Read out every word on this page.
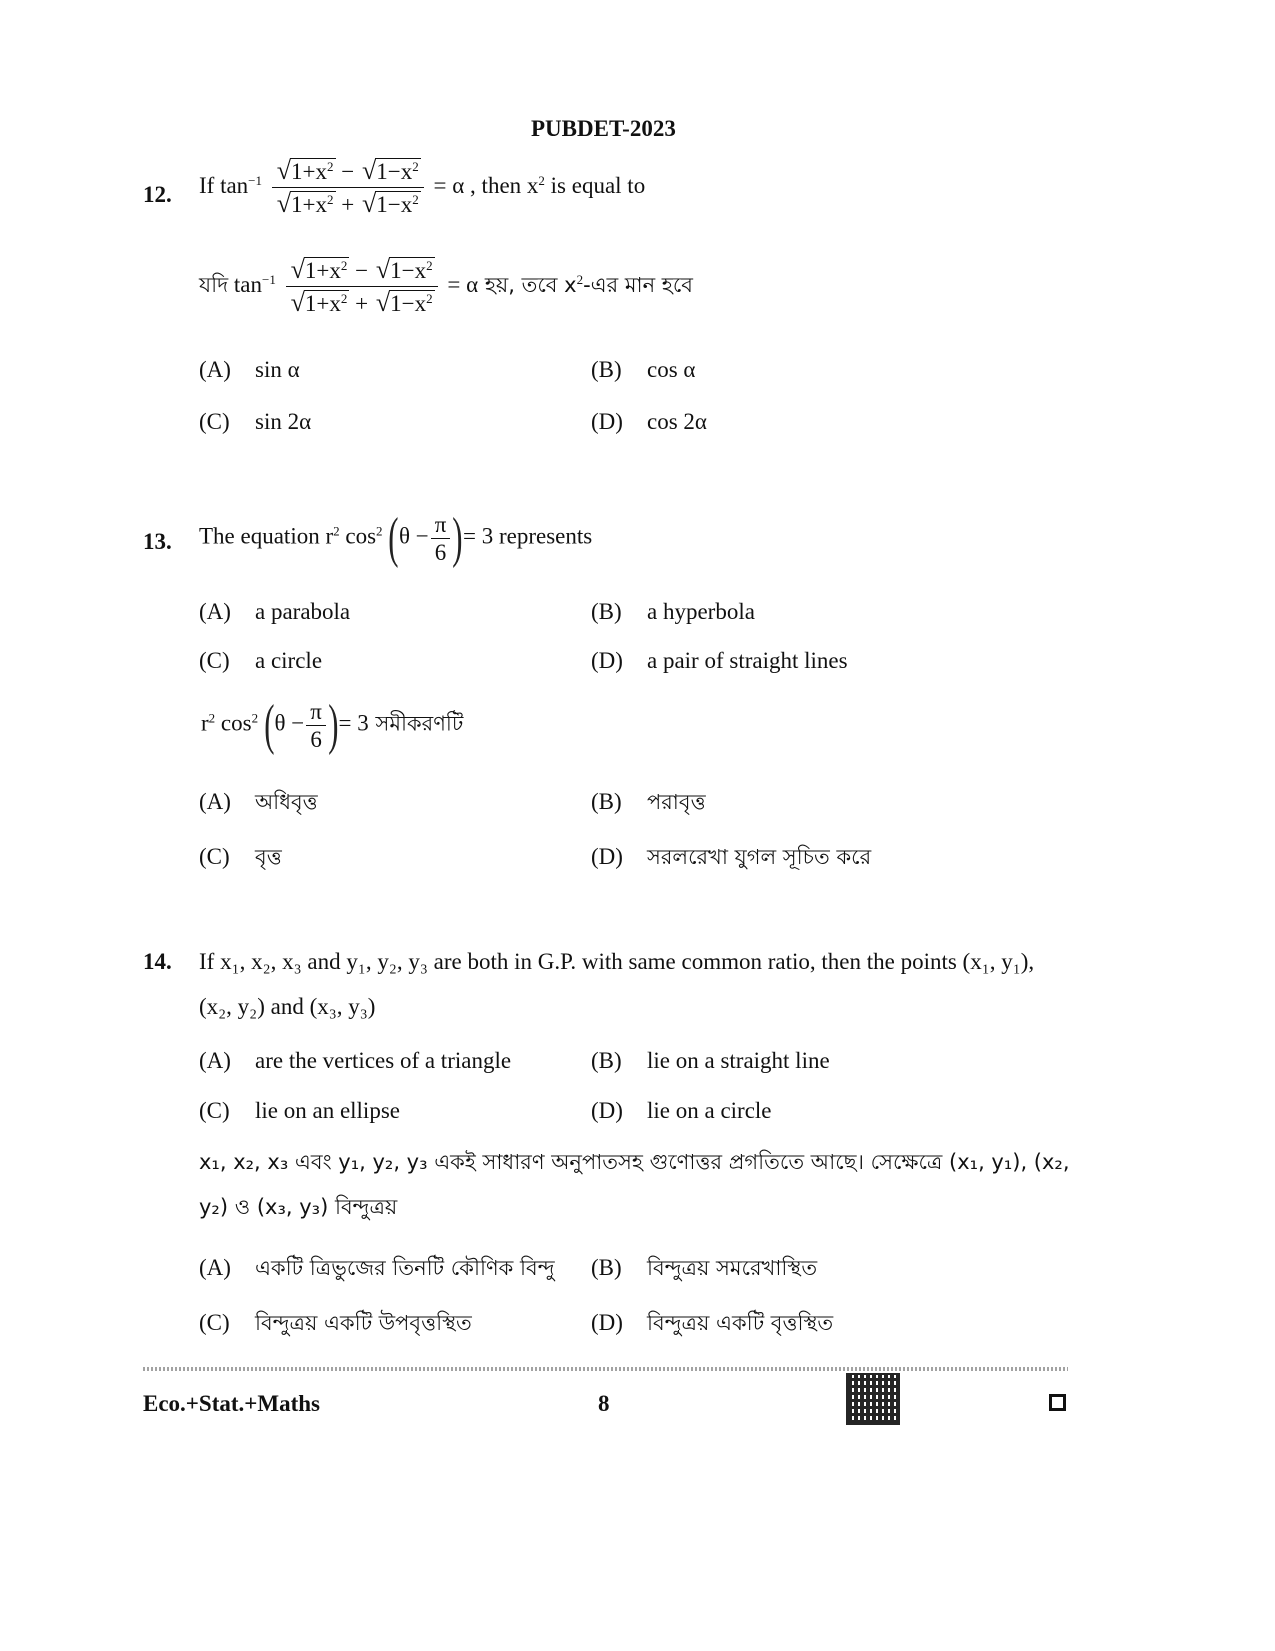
PUBDET-2023
12. If $\tan^{-1} \frac{√1+x^2 - √1-x^2}{√1+x^2 + √1-x^2} = \alpha$ , then $x^2$ is equal to
যদি $\tan^{-1} \frac{√1+x^2 - √1-x^2}{√1+x^2 + √1-x^2} = \alpha$ হয়, তবে $x^2-এর$ মান হবে
(A) sin α	(B) cos α
(C) sin 2α	(D) cos 2α
13. The equation $r^2$ $\cos^2 (\theta - \frac{\pi}{6}$ )= 3 represents
(A) a parabola	(B) a hyperbola
(C) a circle	(D) a pair of straight lines
$r^2$ $\cos^2 (\theta - \frac{\pi}{6}$ )= 3 সমীকরণটি
(A) অধিবৃত্ত	(B) পরাবৃত্ত
(C) বৃত্ত	(D) সরলরেখা যুগল সূচিত করে
14. If x₁, x₂, x₃ and y₁, y₂, y₃ are both in G.P. with same common ratio, then the points (x₁, y₁),
(x₂, y₂) and (x₃, y₃)
(A) are the vertices of a triangle	(B) lie on a straight line
(C) lie on an ellipse	(D) lie on a circle
x₁, x₂, x₃ এবং y₁, y₂, y₃ একই সাধারণ অনুপাতসহ গুণোত্তর প্রগতিতে আছে। সেক্ষেত্রে (x₁, y₁), (x₂,
y₂) ও (x₃, y₃) বিন্দুত্রয়
(A) একটি ত্রিভুজের তিনটি কৌণিক বিন্দু (B) বিন্দুত্রয় সমরেখাস্থিত
(C) বিন্দুত্রয় একটি উপবৃত্তস্থিত	(D) বিন্দুত্রয় একটি বৃত্তস্থিত
Eco.+Stat.+Maths	8
